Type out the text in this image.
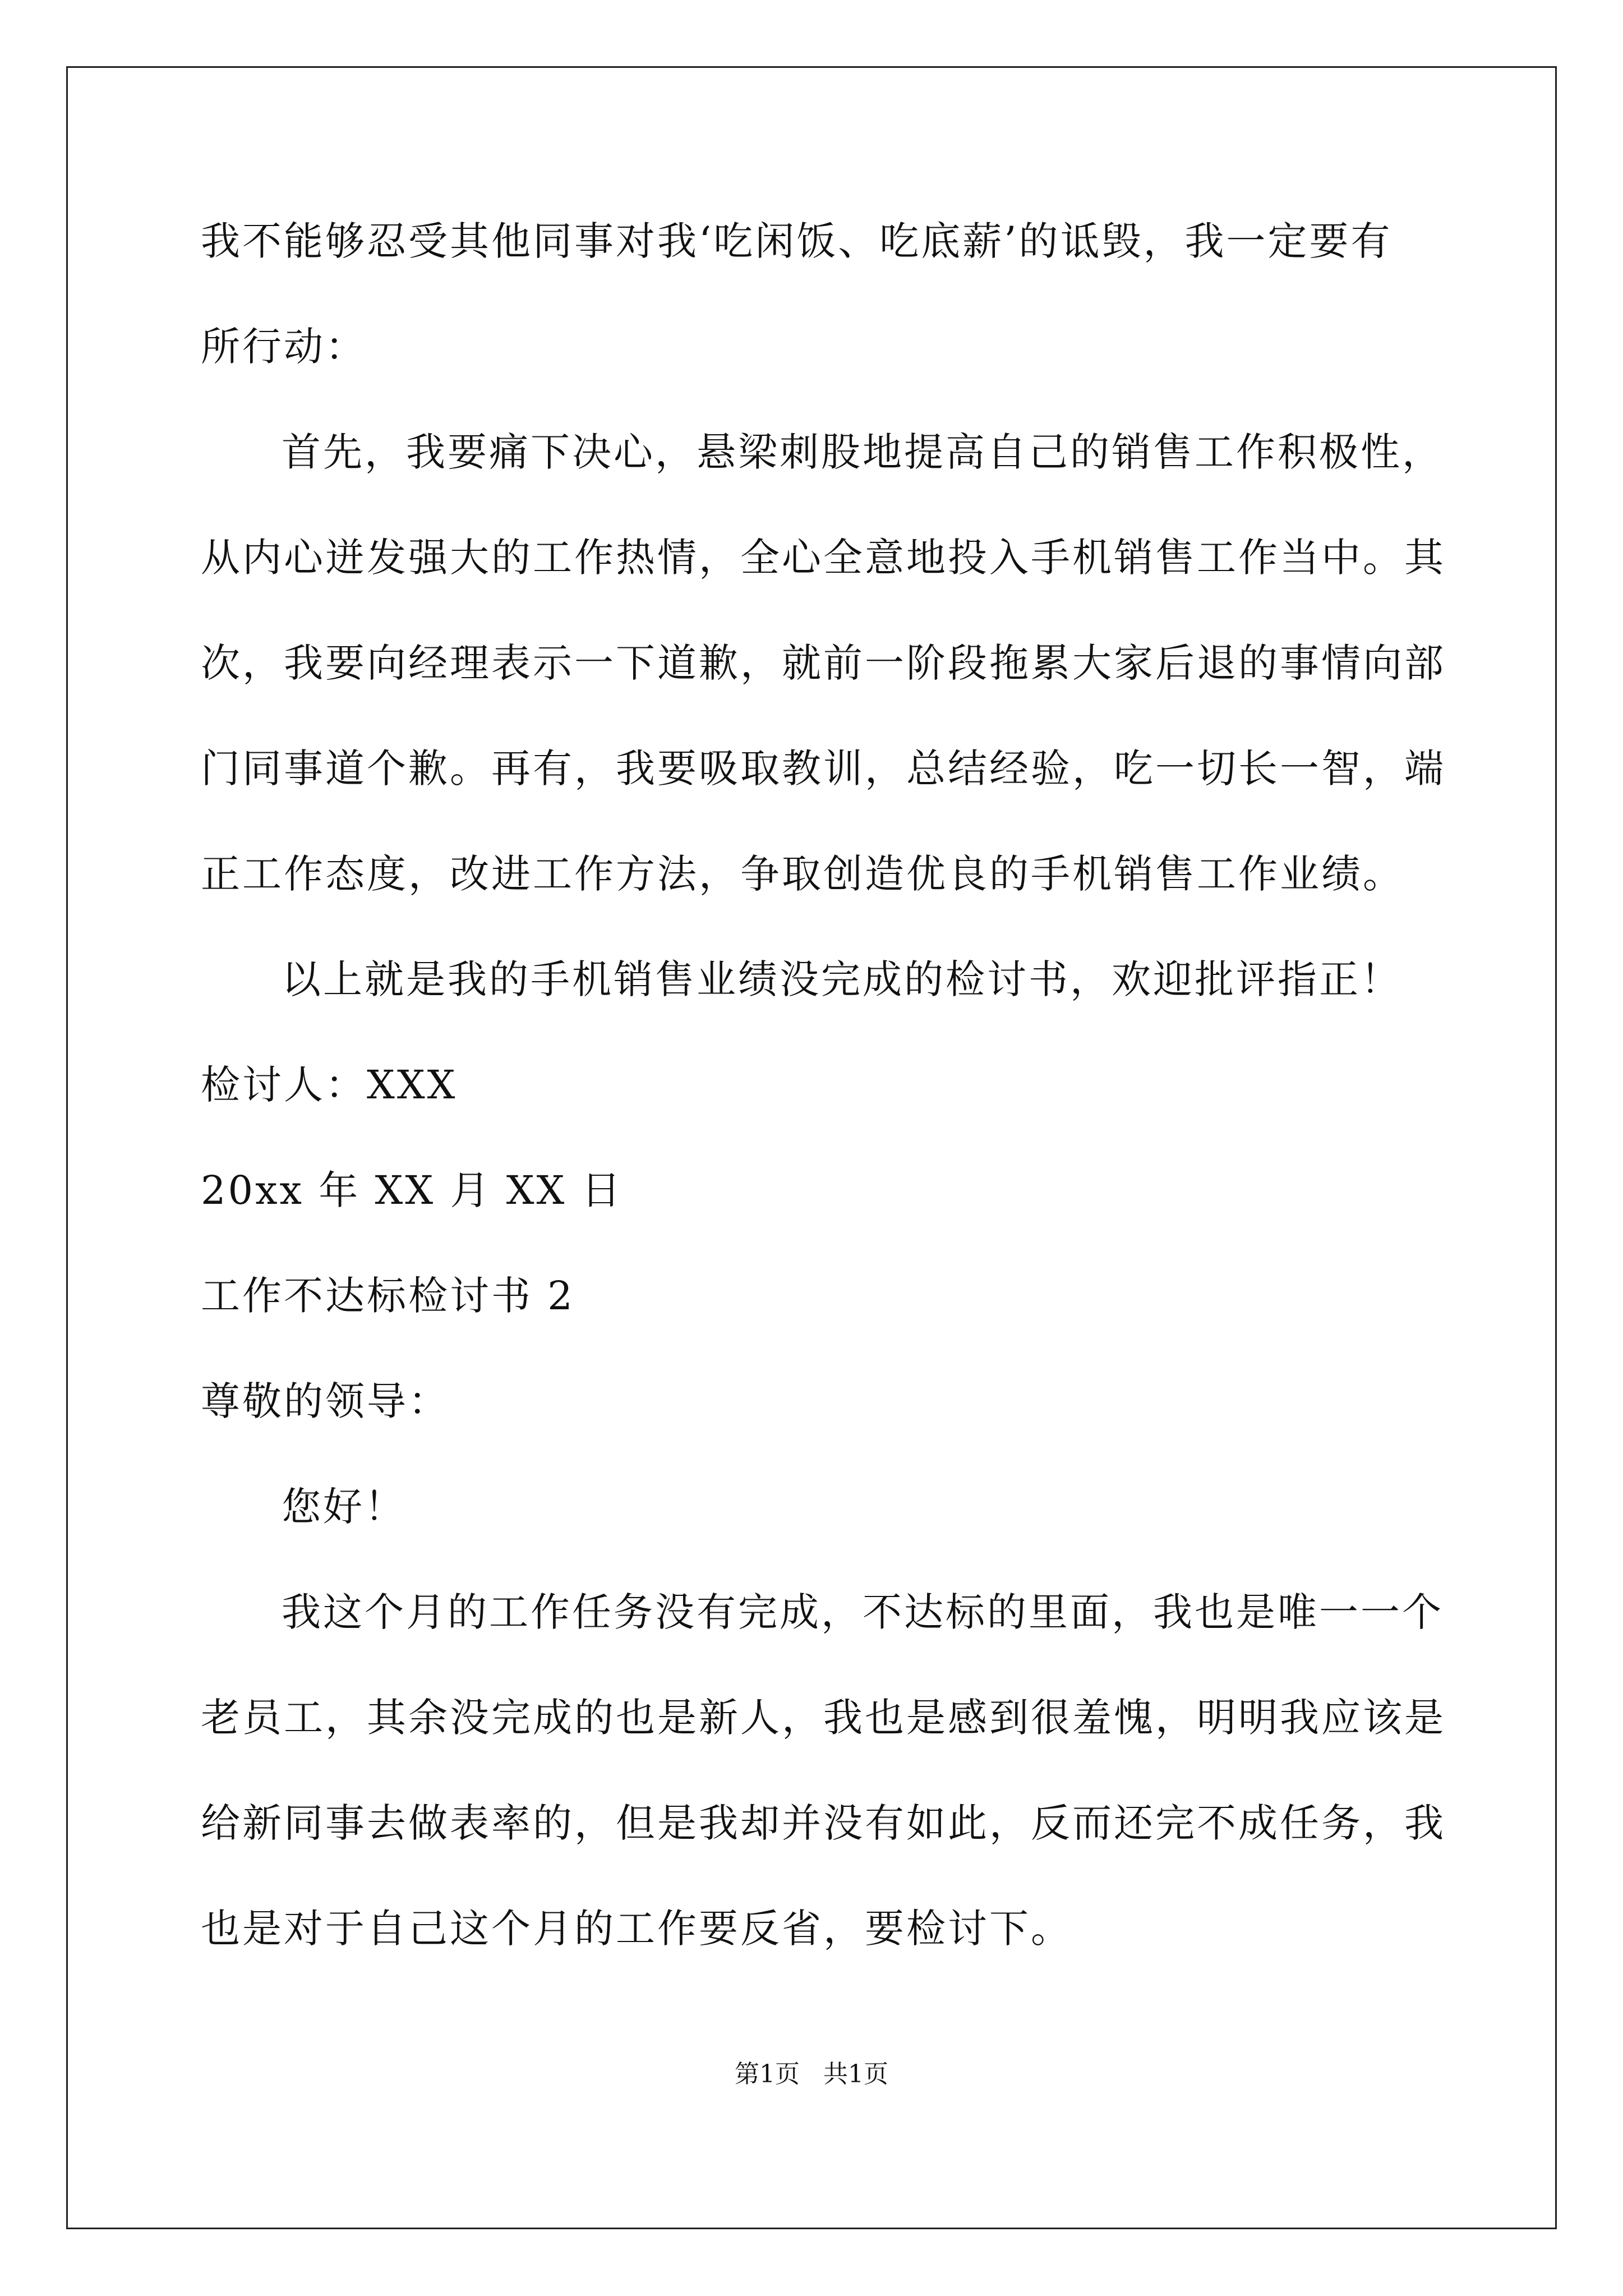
我不能够忍受其他同事对我‘吃闲饭、吃底薪’的诋毁，我一定要有
所行动：
首先，我要痛下决心，悬梁刺股地提高自己的销售工作积极性，
从内心迸发强大的工作热情，全心全意地投入手机销售工作当中。其
次，我要向经理表示一下道歉，就前一阶段拖累大家后退的事情向部
门同事道个歉。再有，我要吸取教训，总结经验，吃一切长一智，端
正工作态度，改进工作方法，争取创造优良的手机销售工作业绩。
以上就是我的手机销售业绩没完成的检讨书，欢迎批评指正！
检讨人：XXX
20xx 年 XX 月 XX 日
工作不达标检讨书 2
尊敬的领导：
您好！
我这个月的工作任务没有完成，不达标的里面，我也是唯一一个
老员工，其余没完成的也是新人，我也是感到很羞愧，明明我应该是
给新同事去做表率的，但是我却并没有如此，反而还完不成任务，我
也是对于自己这个月的工作要反省，要检讨下。
第1页   共1页
